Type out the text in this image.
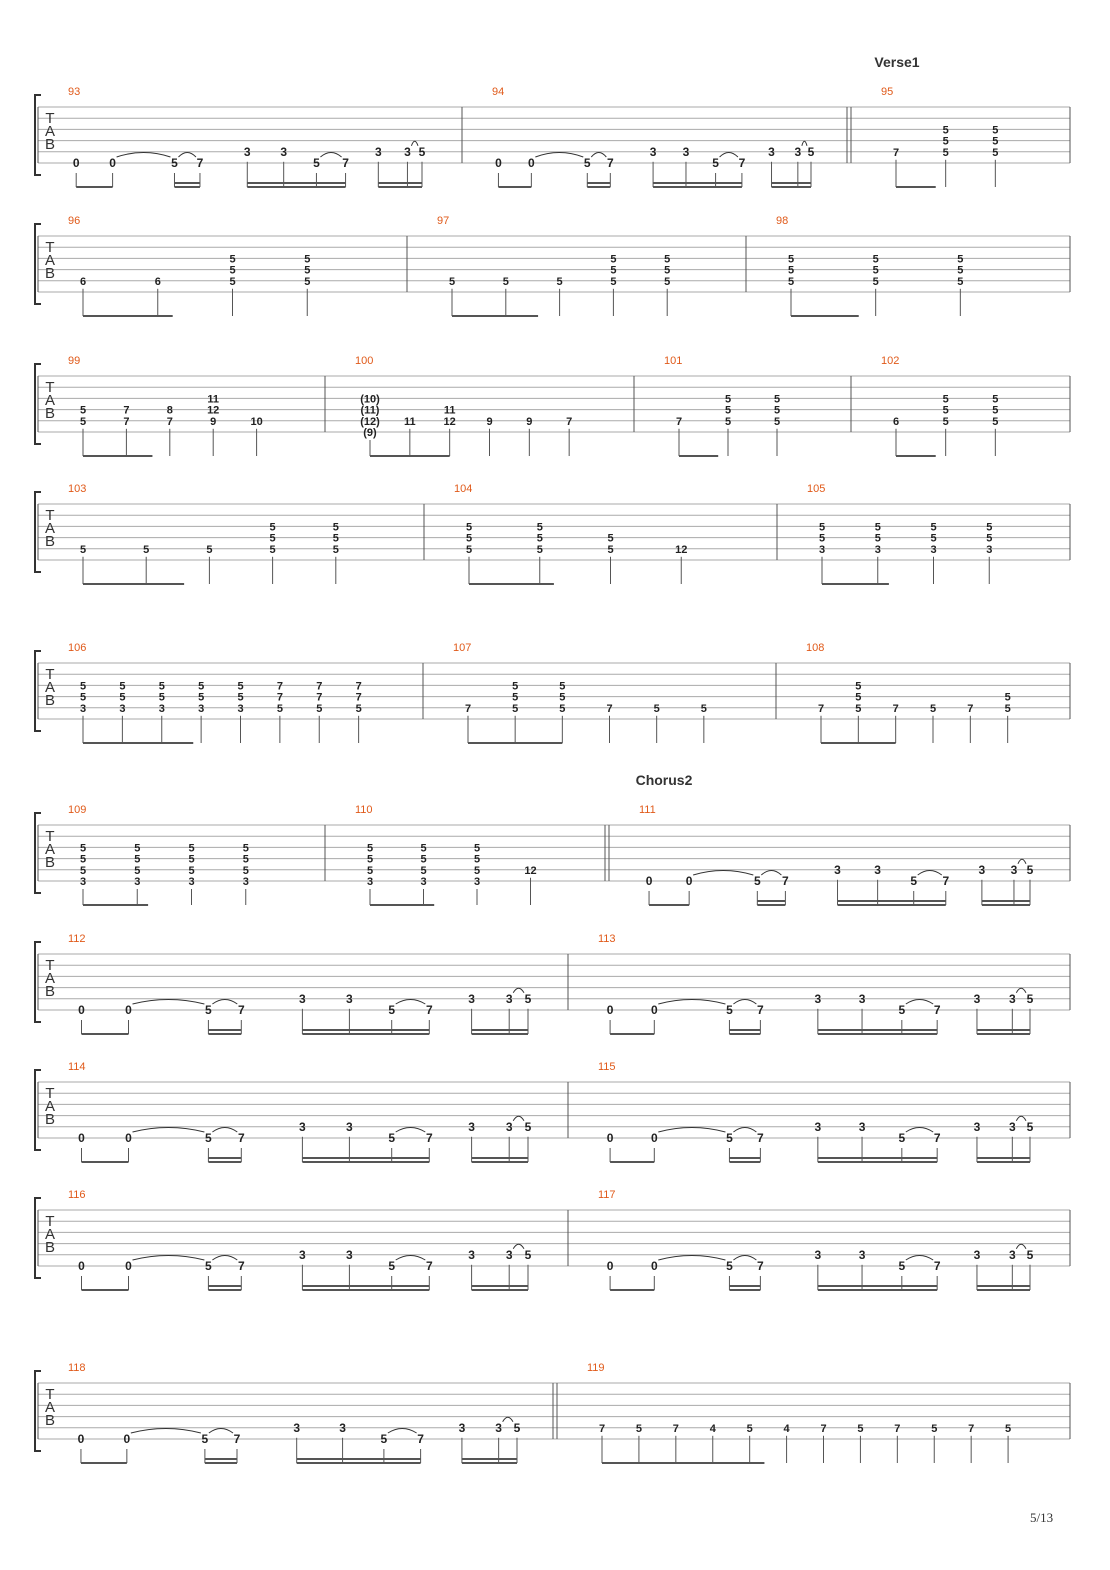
T
A
B
93	94	95
0 0	5 7
3 3
5 7
3 3 5
0 0	5 7
3 3
5 7
3 3 5	7
5
5
5
5
5
5
T
A
B
96	97	98
6	6
5
5
5
5
5
5	5	5	5
5
5
5
5
5
5
5
5
5
5
5
5
5
5
5
T
A
B
99	100	101	102
5
5
7
7
8
7
11
12
9	10
(10)
(11)
(12)
(9)
11
11
12	9	9	7	7
5
5
5
5
5
5	6
5
5
5
5
5
5
T
A
B
103	104	105
5	5	5
5
5
5
5
5
5
5
5
5
5
5
5
5
5	12
5
5
3
5
5
3
5
5
3
5
5
3
T
A
B
106	107	108
5
5
3
5
5
3
5
5
3
5
5
3
5
5
3
7
7
5
7
7
5
7
7
5	7
5
5
5
5
5
5	7	5	5	7
5
5
5	7	5	7
5
5
T
A
B
109	110	111
5
5
5
3
5
5
5
3
5
5
5
3
5
5
5
3
5
5
5
3
5
5
5
3
5
5
5
3
12
0	0	5 7
3	3
5 7
3 3 5
T
A
B
112	113
0	0	5 7
3	3
5	7
3	3 5
0	0	5 7
3	3
5 7
3 3 5
T
A
B
114	115
0	0	5 7
3	3
5	7
3	3 5
0	0	5 7
3	3
5 7
3 3 5
T
A
B
116	117
0	0	5 7
3	3
5	7
3	3 5
0	0	5 7
3	3
5 7
3 3 5
T
A
B
118	119
0	0	5 7
3	3
5	7
3	3 5	7	5	7	4	5	4	7	5	7	5	7	5
Verse1
Chorus2
5/13
